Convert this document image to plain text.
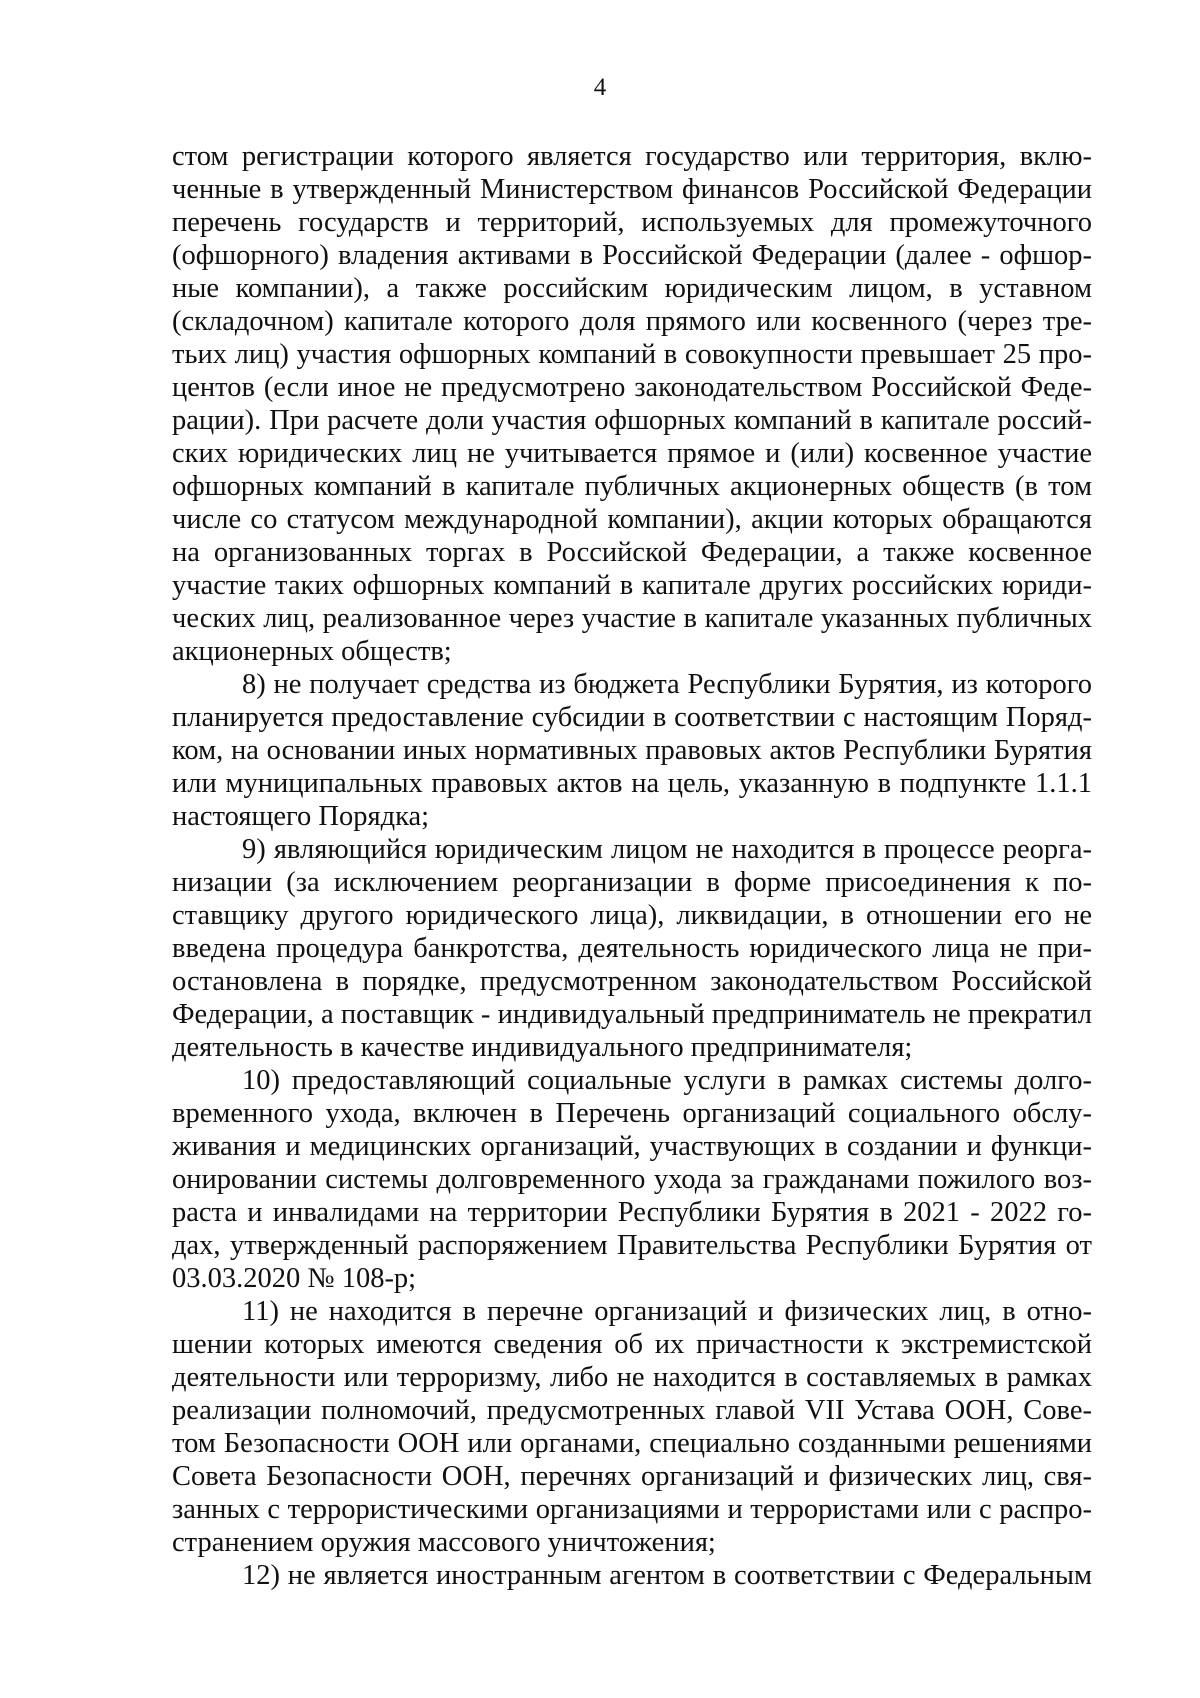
4
стом регистрации которого является государство или территория, вклю-
ченные в утвержденный Министерством финансов Российской Федерации
перечень государств и территорий, используемых для промежуточного
(офшорного) владения активами в Российской Федерации (далее - офшор-
ные компании), а также российским юридическим лицом, в уставном
(складочном) капитале которого доля прямого или косвенного (через тре-
тьих лиц) участия офшорных компаний в совокупности превышает 25 про-
центов (если иное не предусмотрено законодательством Российской Феде-
рации). При расчете доли участия офшорных компаний в капитале россий-
ских юридических лиц не учитывается прямое и (или) косвенное участие
офшорных компаний в капитале публичных акционерных обществ (в том
числе со статусом международной компании), акции которых обращаются
на организованных торгах в Российской Федерации, а также косвенное
участие таких офшорных компаний в капитале других российских юриди-
ческих лиц, реализованное через участие в капитале указанных публичных
акционерных обществ;
8) не получает средства из бюджета Республики Бурятия, из которого
планируется предоставление субсидии в соответствии с настоящим Поряд-
ком, на основании иных нормативных правовых актов Республики Бурятия
или муниципальных правовых актов на цель, указанную в подпункте 1.1.1
настоящего Порядка;
9) являющийся юридическим лицом не находится в процессе реорга-
низации (за исключением реорганизации в форме присоединения к по-
ставщику другого юридического лица), ликвидации, в отношении его не
введена процедура банкротства, деятельность юридического лица не при-
остановлена в порядке, предусмотренном законодательством Российской
Федерации, а поставщик - индивидуальный предприниматель не прекратил
деятельность в качестве индивидуального предпринимателя;
10) предоставляющий социальные услуги в рамках системы долго-
временного ухода, включен в Перечень организаций социального обслу-
живания и медицинских организаций, участвующих в создании и функци-
онировании системы долговременного ухода за гражданами пожилого воз-
раста и инвалидами на территории Республики Бурятия в 2021 - 2022 го-
дах, утвержденный распоряжением Правительства Республики Бурятия от
03.03.2020 № 108-р;
11) не находится в перечне организаций и физических лиц, в отно-
шении которых имеются сведения об их причастности к экстремистской
деятельности или терроризму, либо не находится в составляемых в рамках
реализации полномочий, предусмотренных главой VII Устава ООН, Сове-
том Безопасности ООН или органами, специально созданными решениями
Совета Безопасности ООН, перечнях организаций и физических лиц, свя-
занных с террористическими организациями и террористами или с распро-
странением оружия массового уничтожения;
12) не является иностранным агентом в соответствии с Федеральным
